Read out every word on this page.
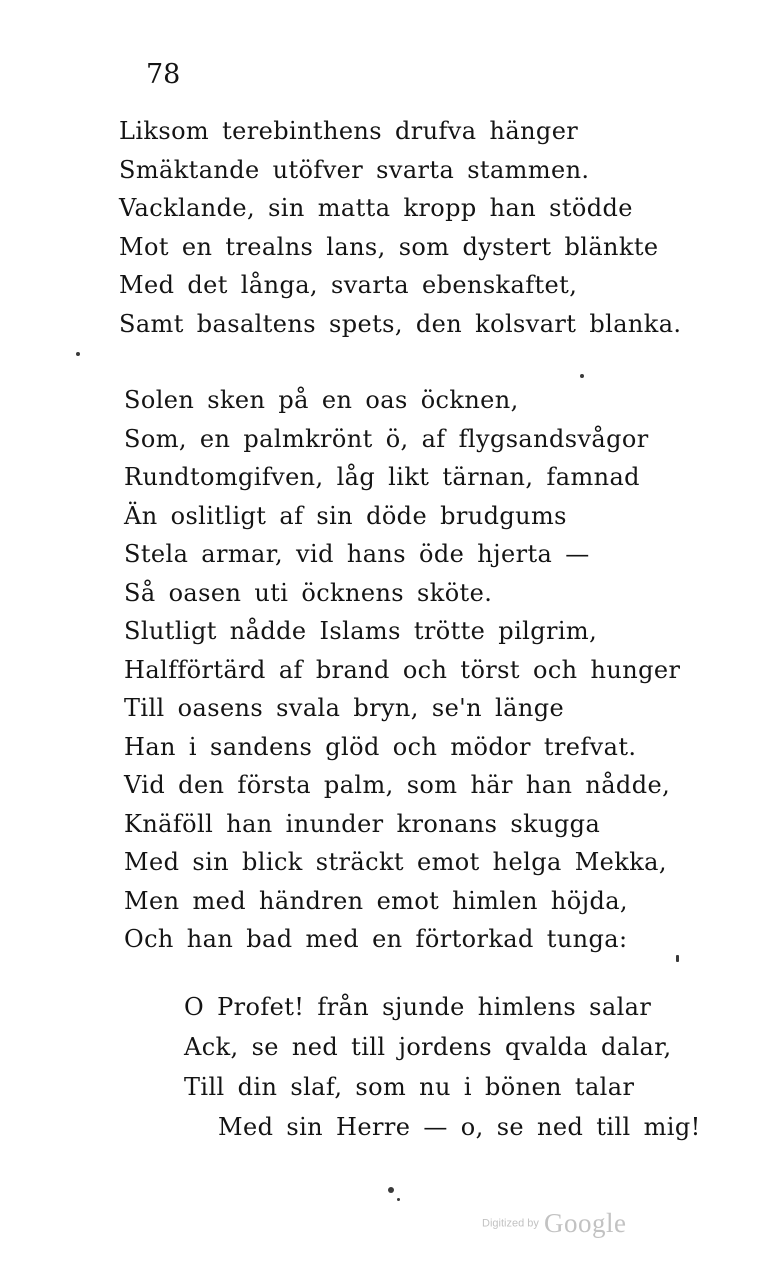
78
Liksom terebinthens drufva hänger
Smäktande utöfver svarta stammen.
Vacklande, sin matta kropp han stödde
Mot en trealns lans, som dystert blänkte
Med det långa, svarta ebenskaftet,
Samt basaltens spets, den kolsvart blanka.
Solen sken på en oas öcknen,
Som, en palmkrönt ö, af flygsandsvågor
Rundtomgifven, låg likt tärnan, famnad
Än oslitligt af sin döde brudgums
Stela armar, vid hans öde hjerta —
Så oasen uti öcknens sköte.
Slutligt nådde Islams trötte pilgrim,
Halfförtärd af brand och törst och hunger
Till oasens svala bryn, se'n länge
Han i sandens glöd och mödor trefvat.
Vid den första palm, som här han nådde,
Knäföll han inunder kronans skugga
Med sin blick sträckt emot helga Mekka,
Men med händren emot himlen höjda,
Och han bad med en förtorkad tunga:
O Profet! från sjunde himlens salar
Ack, se ned till jordens qvalda dalar,
Till din slaf, som nu i bönen talar
Med sin Herre — o, se ned till mig!
Digitized by Google
